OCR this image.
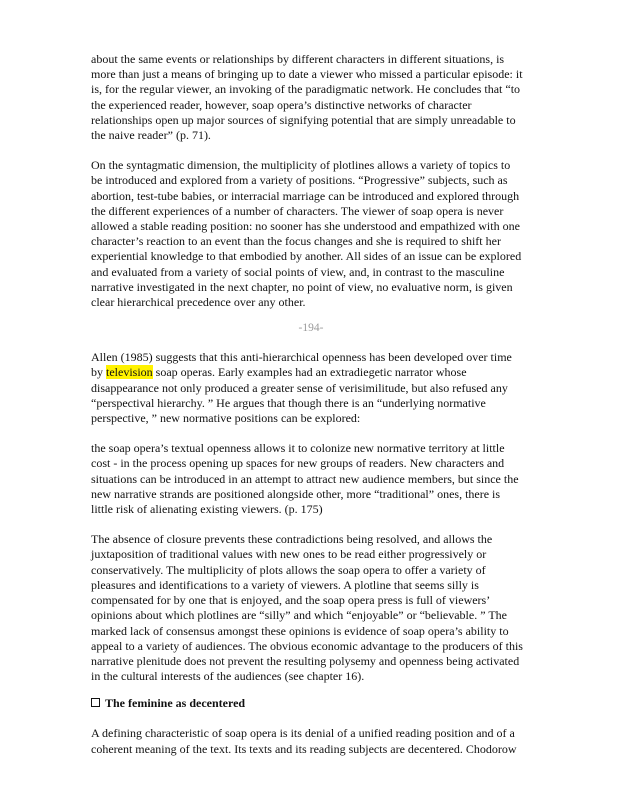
about the same events or relationships by different characters in different situations, is
more than just a means of bringing up to date a viewer who missed a particular episode: it
is, for the regular viewer, an invoking of the paradigmatic network. He concludes that “to
the experienced reader, however, soap opera’s distinctive networks of character
relationships open up major sources of signifying potential that are simply unreadable to
the naive reader” (p. 71).

On the syntagmatic dimension, the multiplicity of plotlines allows a variety of topics to
be introduced and explored from a variety of positions. “Progressive” subjects, such as
abortion, test-tube babies, or interracial marriage can be introduced and explored through
the different experiences of a number of characters. The viewer of soap opera is never
allowed a stable reading position: no sooner has she understood and empathized with one
character’s reaction to an event than the focus changes and she is required to shift her
experiential knowledge to that embodied by another. All sides of an issue can be explored
and evaluated from a variety of social points of view, and, in contrast to the masculine
narrative investigated in the next chapter, no point of view, no evaluative norm, is given
clear hierarchical precedence over any other.

-194-

Allen (1985) suggests that this anti-hierarchical openness has been developed over time
by television soap operas. Early examples had an extradiegetic narrator whose
disappearance not only produced a greater sense of verisimilitude, but also refused any
“perspectival hierarchy. ” He argues that though there is an “underlying normative
perspective, ” new normative positions can be explored:

the soap opera’s textual openness allows it to colonize new normative territory at little
cost - in the process opening up spaces for new groups of readers. New characters and
situations can be introduced in an attempt to attract new audience members, but since the
new narrative strands are positioned alongside other, more “traditional” ones, there is
little risk of alienating existing viewers. (p. 175)

The absence of closure prevents these contradictions being resolved, and allows the
juxtaposition of traditional values with new ones to be read either progressively or
conservatively. The multiplicity of plots allows the soap opera to offer a variety of
pleasures and identifications to a variety of viewers. A plotline that seems silly is
compensated for by one that is enjoyed, and the soap opera press is full of viewers’
opinions about which plotlines are “silly” and which “enjoyable” or “believable. ” The
marked lack of consensus amongst these opinions is evidence of soap opera’s ability to
appeal to a variety of audiences. The obvious economic advantage to the producers of this
narrative plenitude does not prevent the resulting polysemy and openness being activated
in the cultural interests of the audiences (see chapter 16).

The feminine as decentered

A defining characteristic of soap opera is its denial of a unified reading position and of a
coherent meaning of the text. Its texts and its reading subjects are decentered. Chodorow
